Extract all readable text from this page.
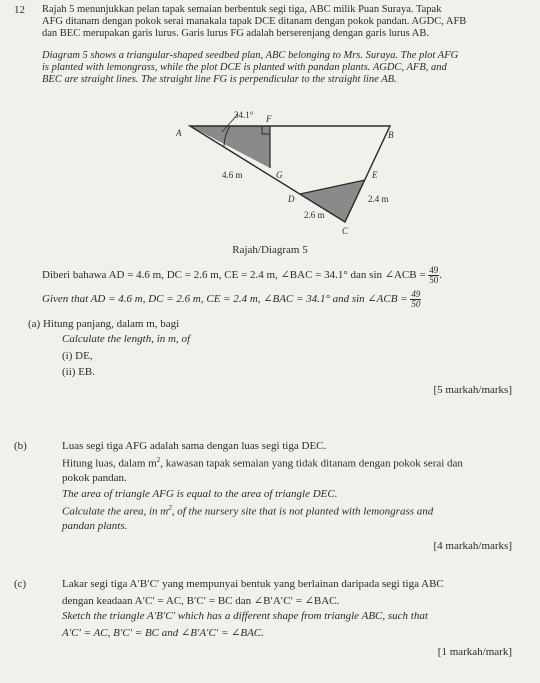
12 Rajah 5 menunjukkan pelan tapak semaian berbentuk segi tiga, ABC milik Puan Suraya. Tapak
AFG ditanam dengan pokok serai manakala tapak DCE ditanam dengan pokok pandan. AGDC, AFB
dan BEC merupakan garis lurus. Garis lurus FG adalah berserenjang dengan garis lurus AB.
Diagram 5 shows a triangular-shaped seedbed plan, ABC belonging to Mrs. Suraya. The plot AFG
is planted with lemongrass, while the plot DCE is planted with pandan plants. AGDC, AFB, and
BEC are straight lines. The straight line FG is perpendicular to the straight line AB.
34.1°
A
F
B
G
4.6 m	E
D	2.4 m
2.6 m
C
Rajah/Diagram 5
Diberi bahawa AD = 4.6 m, DC = 2.6 m, CE = 2.4 m, ∠BAC = 34.1° dan sin ∠ACB = $\frac{49}{50}$ .
Given that AD = 4.6 m, DC = 2.6 m, CE = 2.4 m, ∠BAC = 34.1° and sin ∠ACB = $\frac{49}{50}$
(a) Hitung panjang, dalam m, bagi
Calculate the length, in m, of
(i) DE,
(ii) EB.
[5 markah/marks]
(b)	Luas segi tiga AFG adalah sama dengan luas segi tiga DEC.
Hitung luas, dalam $m^2$, kawasan tapak semaian yang tidak ditanam dengan pokok serai dan
pokok pandan.
The area of triangle AFG is equal to the area of triangle DEC.
Calculate the area, in $m^2$, of the nursery site that is not planted with lemongrass and
pandan plants.
[4 markah/marks]
(c)	Lakar segi tiga A′B′C′ yang mempunyai bentuk yang berlainan daripada segi tiga ABC
dengan keadaan A′C′ = AC, B′C′ = BC dan ∠B′A′C′ = ∠BAC.
Sketch the triangle A′B′C′ which has a different shape from triangle ABC, such that
A′C′ = AC, B′C′ = BC and ∠B′A′C′ = ∠BAC.
[1 markah/mark]
